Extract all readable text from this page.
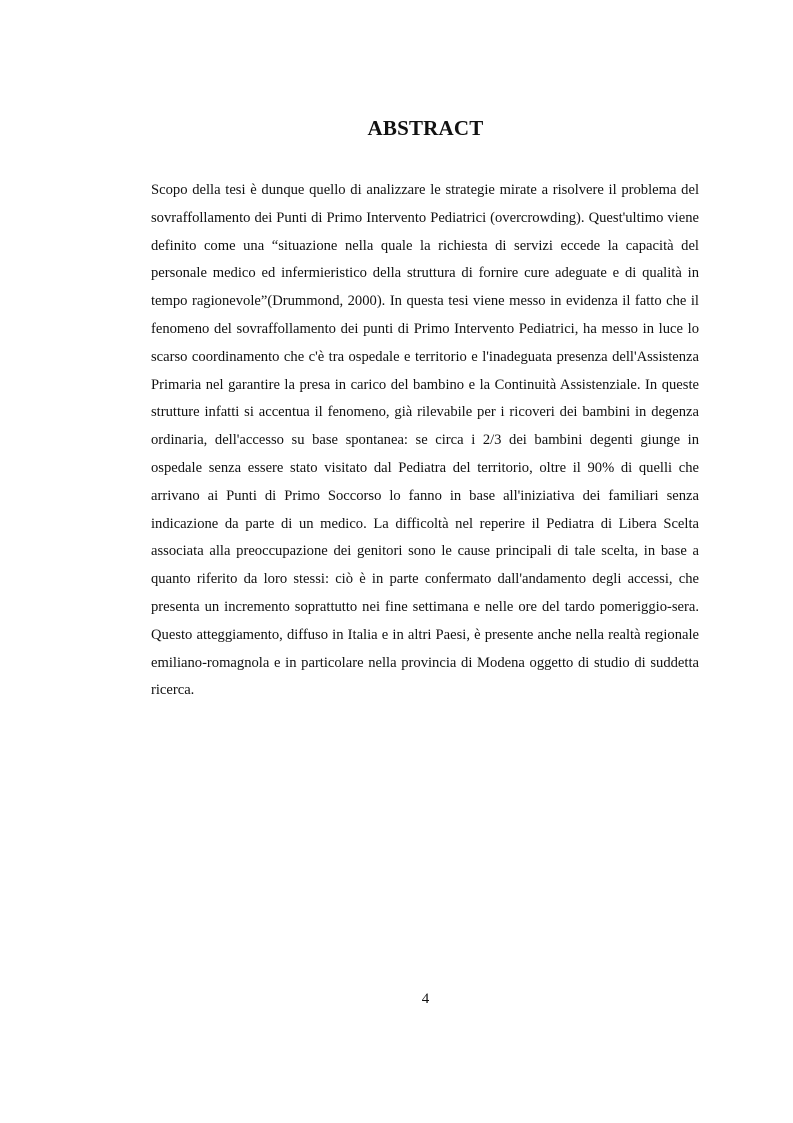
ABSTRACT

Scopo della tesi è dunque quello di analizzare le strategie mirate a risolvere il problema del sovraffollamento dei Punti di Primo Intervento Pediatrici (overcrowding). Quest'ultimo viene definito come una “situazione nella quale la richiesta di servizi eccede la capacità del personale medico ed infermieristico della struttura di fornire cure adeguate e di qualità in tempo ragionevole”(Drummond, 2000). In questa tesi viene messo in evidenza il fatto che il fenomeno del sovraffollamento dei punti di Primo Intervento Pediatrici, ha messo in luce lo scarso coordinamento che c'è tra ospedale e territorio e l'inadeguata presenza dell'Assistenza Primaria nel garantire la presa in carico del bambino e la Continuità Assistenziale. In queste strutture infatti si accentua il fenomeno, già rilevabile per i ricoveri dei bambini in degenza ordinaria, dell'accesso su base spontanea: se circa i 2/3 dei bambini degenti giunge in ospedale senza essere stato visitato dal Pediatra del territorio, oltre il 90% di quelli che arrivano ai Punti di Primo Soccorso lo fanno in base all'iniziativa dei familiari senza indicazione da parte di un medico. La difficoltà nel reperire il Pediatra di Libera Scelta associata alla preoccupazione dei genitori sono le cause principali di tale scelta, in base a quanto riferito da loro stessi: ciò è in parte confermato dall'andamento degli accessi, che presenta un incremento soprattutto nei fine settimana e nelle ore del tardo pomeriggio-sera. Questo atteggiamento, diffuso in Italia e in altri Paesi, è presente anche nella realtà regionale emiliano-romagnola e in particolare nella provincia di Modena oggetto di studio di suddetta ricerca.

4
